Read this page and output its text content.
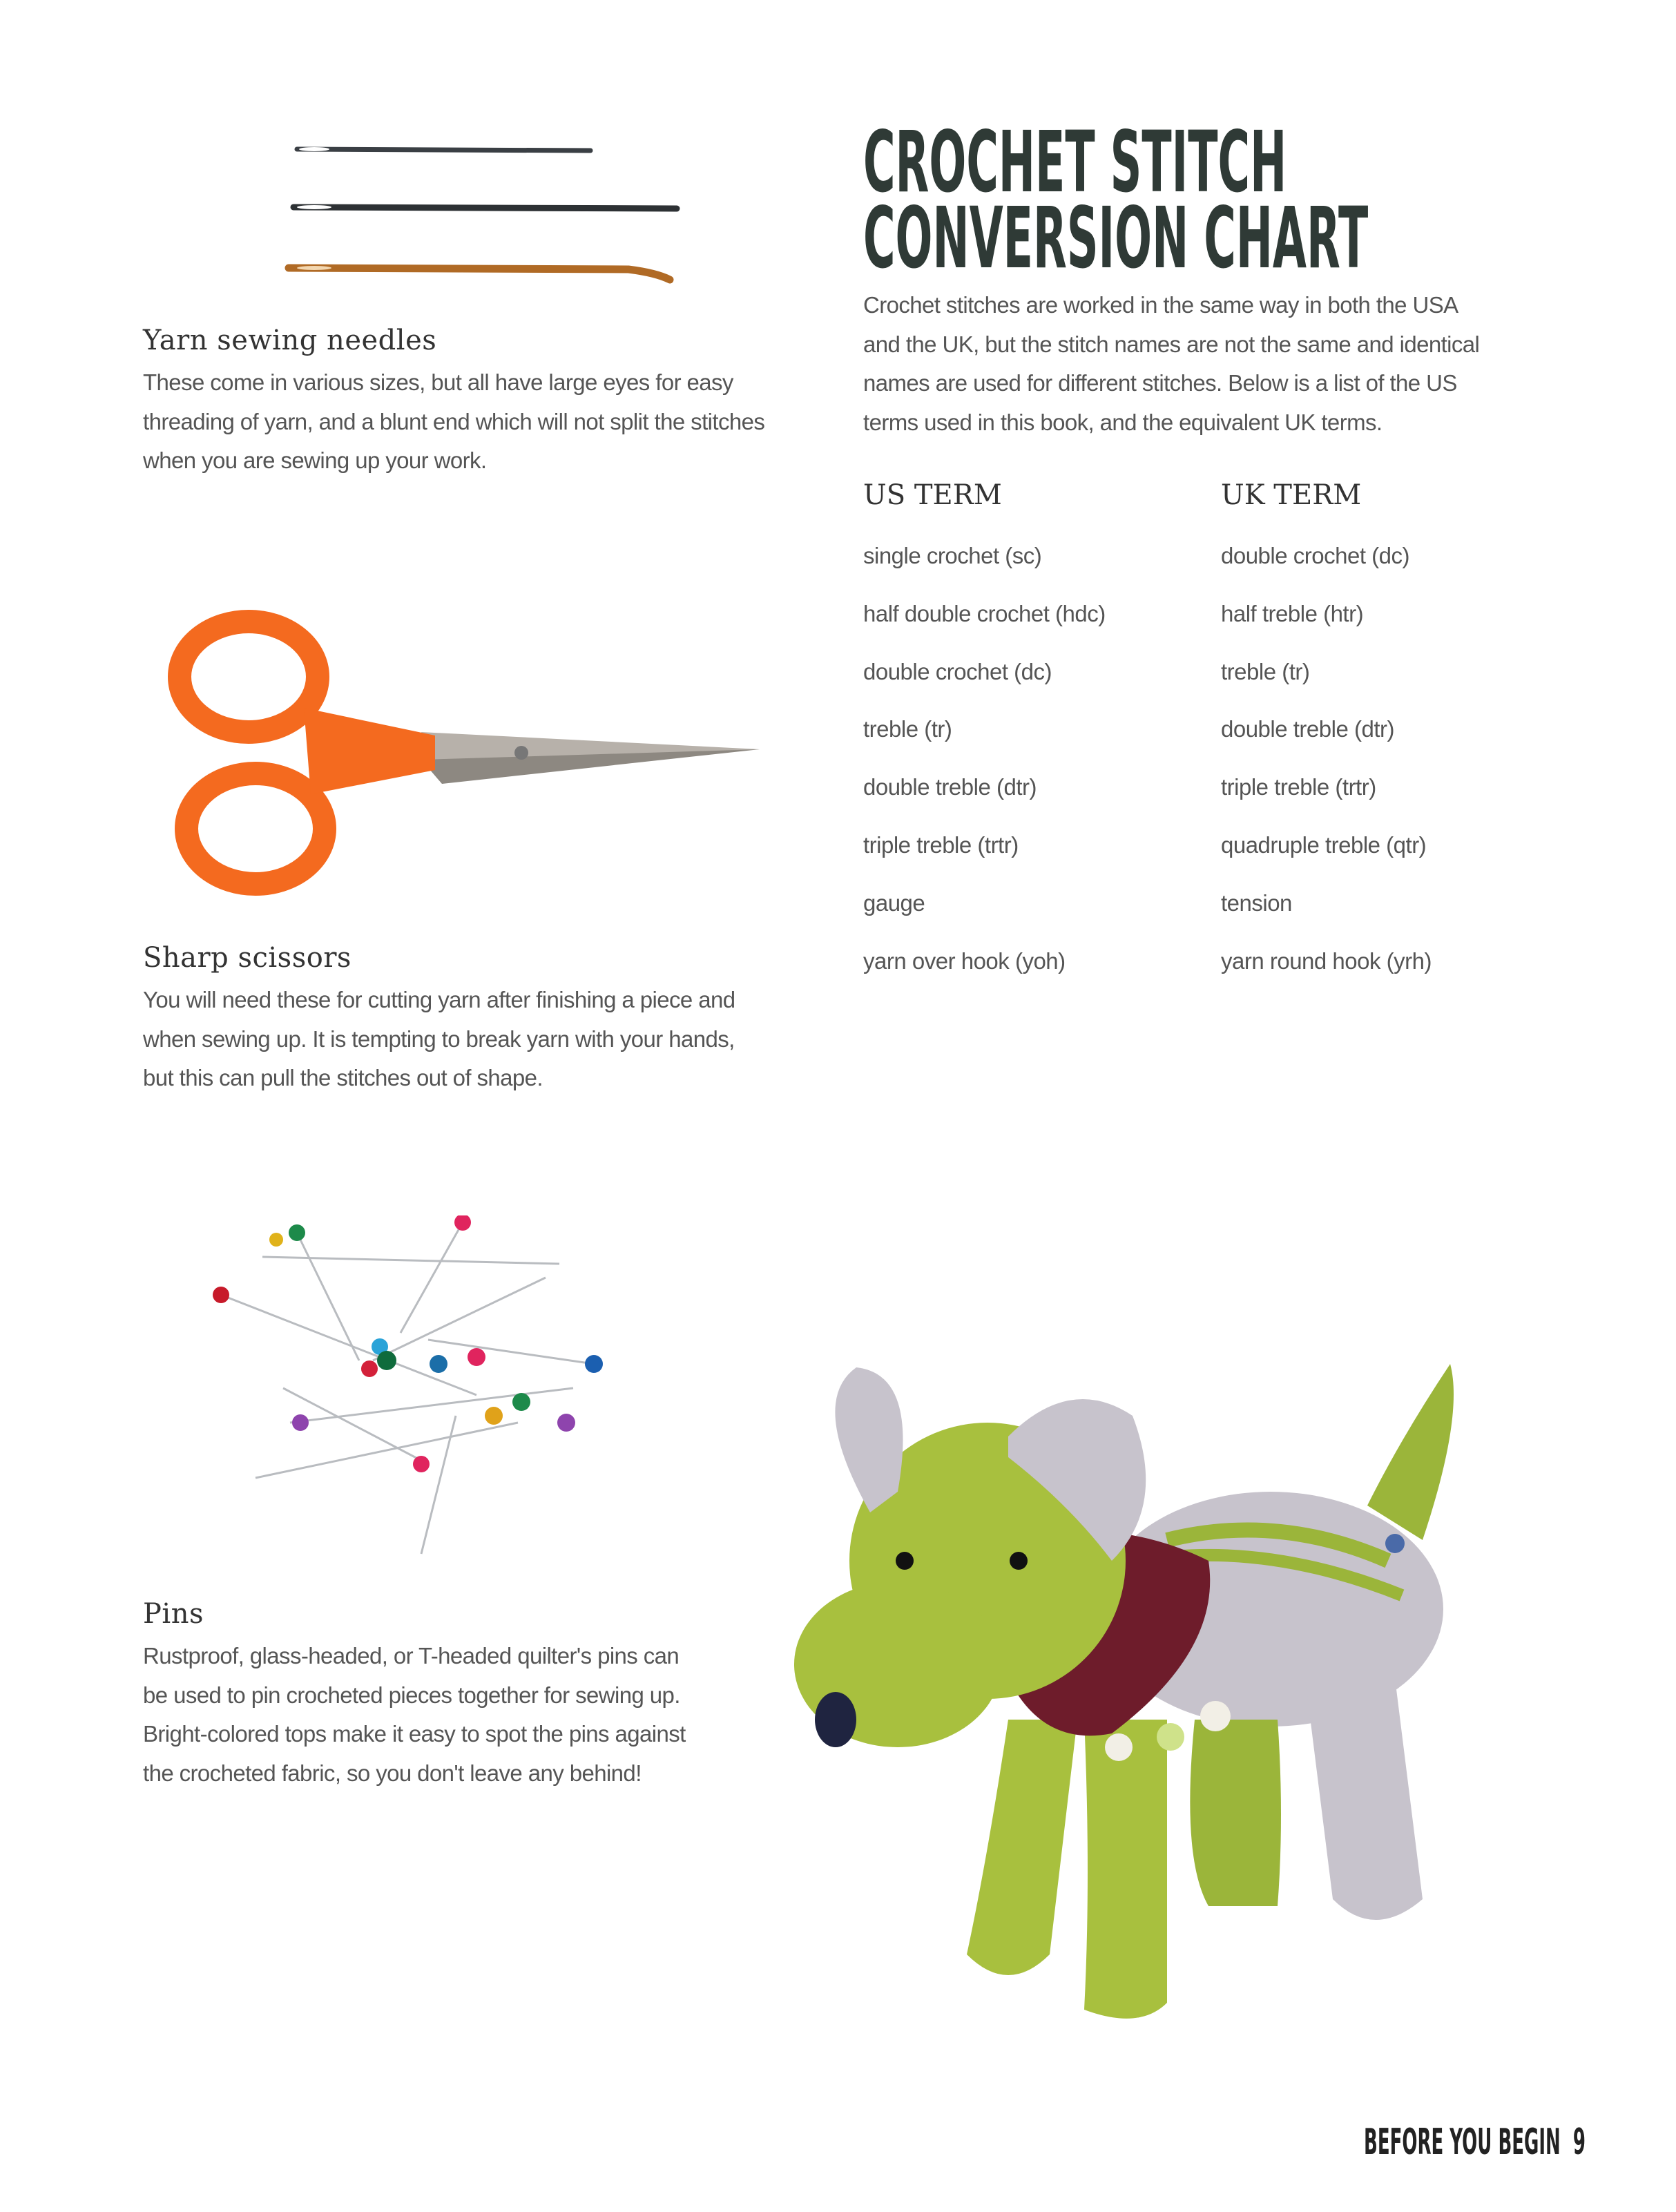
Yarn sewing needles
These come in various sizes, but all have large eyes for easy
threading of yarn, and a blunt end which will not split the stitches
when you are sewing up your work.
Sharp scissors
You will need these for cutting yarn after finishing a piece and
when sewing up. It is tempting to break yarn with your hands,
but this can pull the stitches out of shape.
Pins
Rustproof, glass-headed, or T-headed quilter's pins can
be used to pin crocheted pieces together for sewing up.
Bright-colored tops make it easy to spot the pins against
the crocheted fabric, so you don't leave any behind!
CROCHET STITCH
CONVERSION CHART
Crochet stitches are worked in the same way in both the USA
and the UK, but the stitch names are not the same and identical
names are used for different stitches. Below is a list of the US
terms used in this book, and the equivalent UK terms.
US TERM	UK TERM
single crochet (sc)	double crochet (dc)
half double crochet (hdc)	half treble (htr)
double crochet (dc)	treble (tr)
treble (tr)	double treble (dtr)
double treble (dtr)	triple treble (trtr)
triple treble (trtr)	quadruple treble (qtr)
gauge	tension
yarn over hook (yoh)	yarn round hook (yrh)
BEFORE YOU BEGIN 9
